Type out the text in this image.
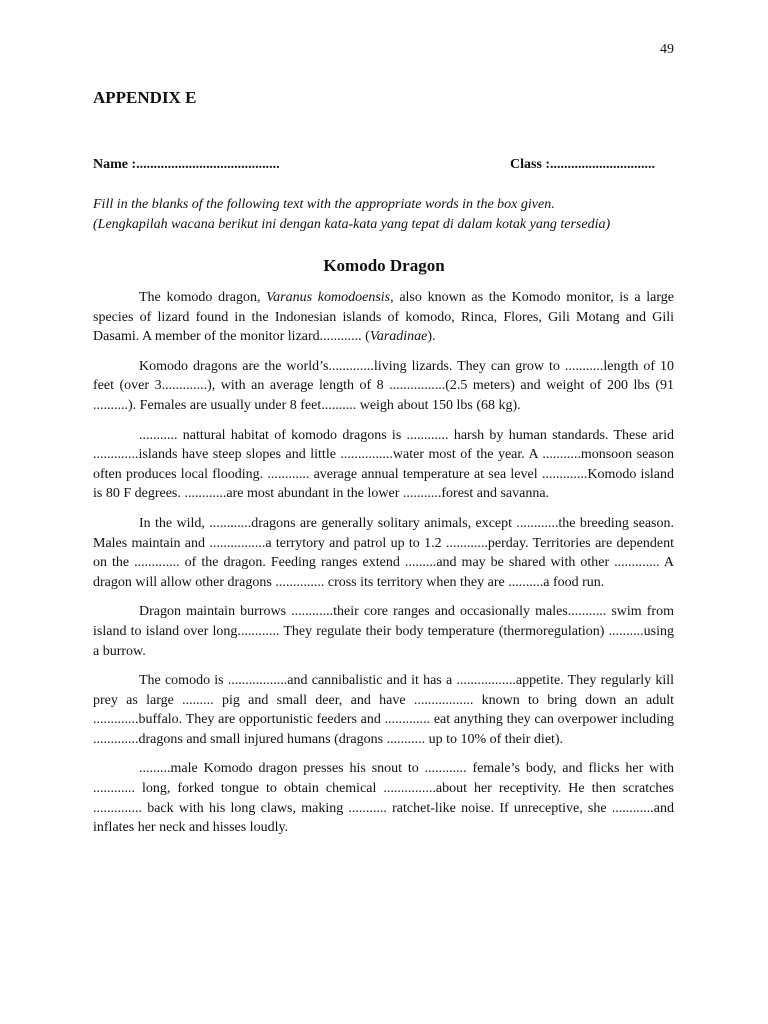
49
APPENDIX E
Name :.........................................	Class :..............................
Fill in the blanks of the following text with the appropriate words in the box given.
(Lengkapilah wacana berikut ini dengan kata-kata yang tepat di dalam kotak yang tersedia)
Komodo Dragon

The komodo dragon, Varanus komodoensis, also known as the Komodo monitor, is a large species of lizard found in the Indonesian islands of komodo, Rinca, Flores, Gili Motang and Gili Dasami. A member of the monitor lizard............ (Varadinae).

Komodo dragons are the world’s.............living lizards. They can grow to ...........length of 10 feet (over 3.............), with an average length of 8 ................(2.5 meters) and weight of 200 lbs (91 ..........). Females are usually under 8 feet.......... weigh about 150 lbs (68 kg).

........... nattural habitat of komodo dragons is ............ harsh by human standards. These arid .............islands have steep slopes and little ...............water most of the year. A ...........monsoon season often produces local flooding. ............ average annual temperature at sea level .............Komodo island is 80 F degrees. ............are most abundant in the lower ...........forest and savanna.

In the wild, ............dragons are generally solitary animals, except ............the breeding season. Males maintain and ................a terrytory and patrol up to 1.2 ............perday. Territories are dependent on the ............. of the dragon. Feeding ranges extend .........and may be shared with other ............. A dragon will allow other dragons .............. cross its territory when they are ..........a food run.

Dragon maintain burrows ............their core ranges and occasionally males........... swim from island to island over long............ They regulate their body temperature (thermoregulation) ..........using a burrow.

The comodo is .................and cannibalistic and it has a .................appetite. They regularly kill prey as large ......... pig and small deer, and have ................. known to bring down an adult .............buffalo. They are opportunistic feeders and ............. eat anything they can overpower including .............dragons and small injured humans (dragons ........... up to 10% of their diet).

.........male Komodo dragon presses his snout to ............ female’s body, and flicks her with ............ long, forked tongue to obtain chemical ...............about her receptivity. He then scratches .............. back with his long claws, making ........... ratchet-like noise. If unreceptive, she ............and inflates her neck and hisses loudly.
